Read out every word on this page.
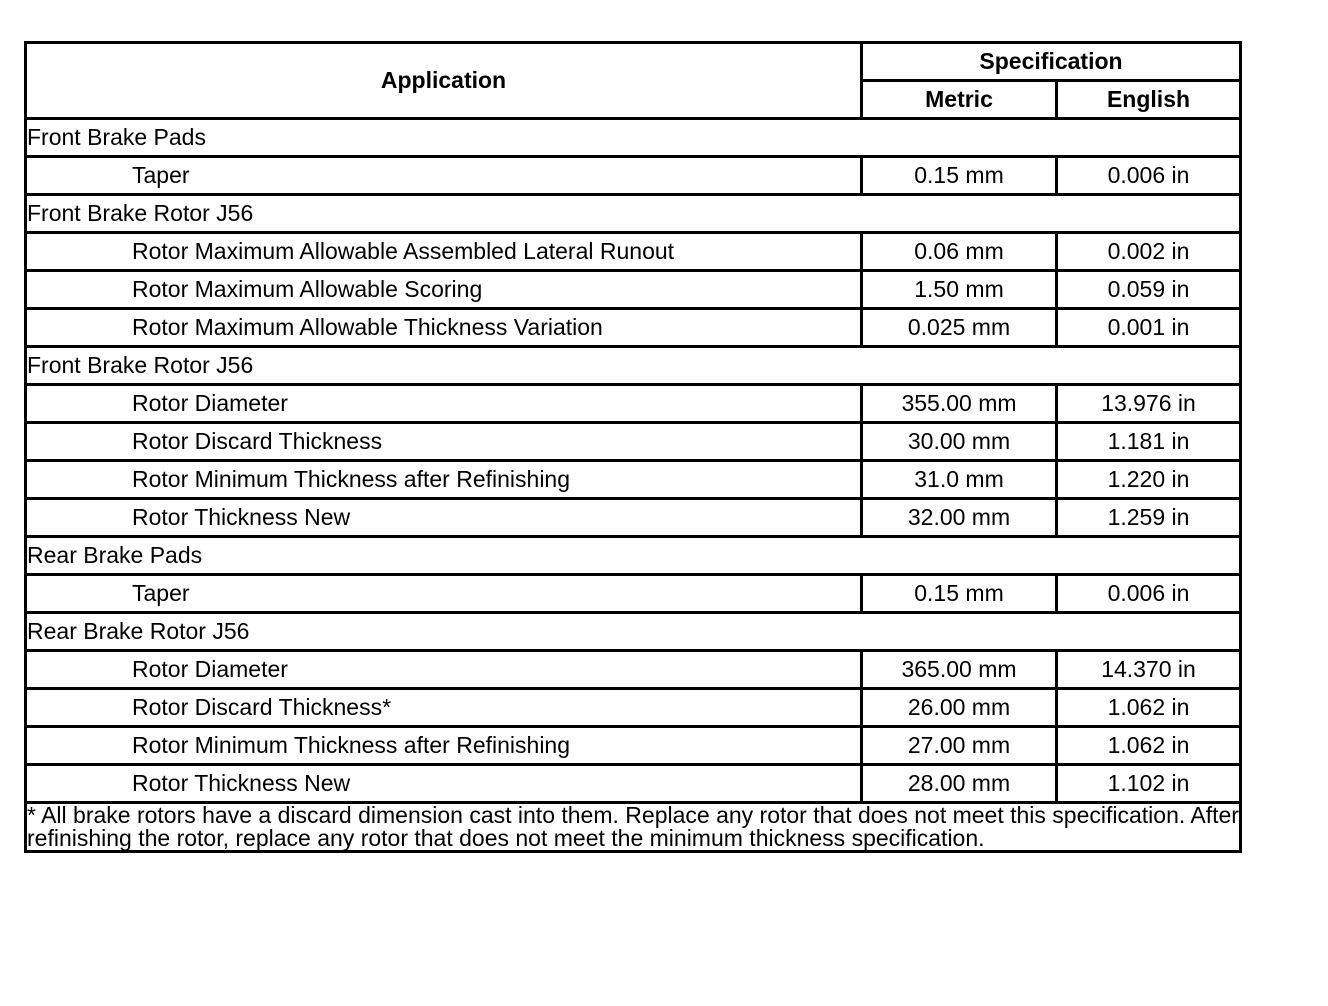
Application	Specification	
	Metric	English
Front Brake Pads		
Taper	0.15 mm	0.006 in
Front Brake Rotor J56		
Rotor Maximum Allowable Assembled Lateral Runout	0.06 mm	0.002 in
Rotor Maximum Allowable Scoring	1.50 mm	0.059 in
Rotor Maximum Allowable Thickness Variation	0.025 mm	0.001 in
Front Brake Rotor J56		
Rotor Diameter	355.00 mm	13.976 in
Rotor Discard Thickness	30.00 mm	1.181 in
Rotor Minimum Thickness after Refinishing	31.0 mm	1.220 in
Rotor Thickness New	32.00 mm	1.259 in
Rear Brake Pads		
Taper	0.15 mm	0.006 in
Rear Brake Rotor J56		
Rotor Diameter	365.00 mm	14.370 in
Rotor Discard Thickness*	26.00 mm	1.062 in
Rotor Minimum Thickness after Refinishing	27.00 mm	1.062 in
Rotor Thickness New	28.00 mm	1.102 in
* All brake rotors have a discard dimension cast into them. Replace any rotor that does not meet this specification. After refinishing the rotor, replace any rotor that does not meet the minimum thickness specification.		
